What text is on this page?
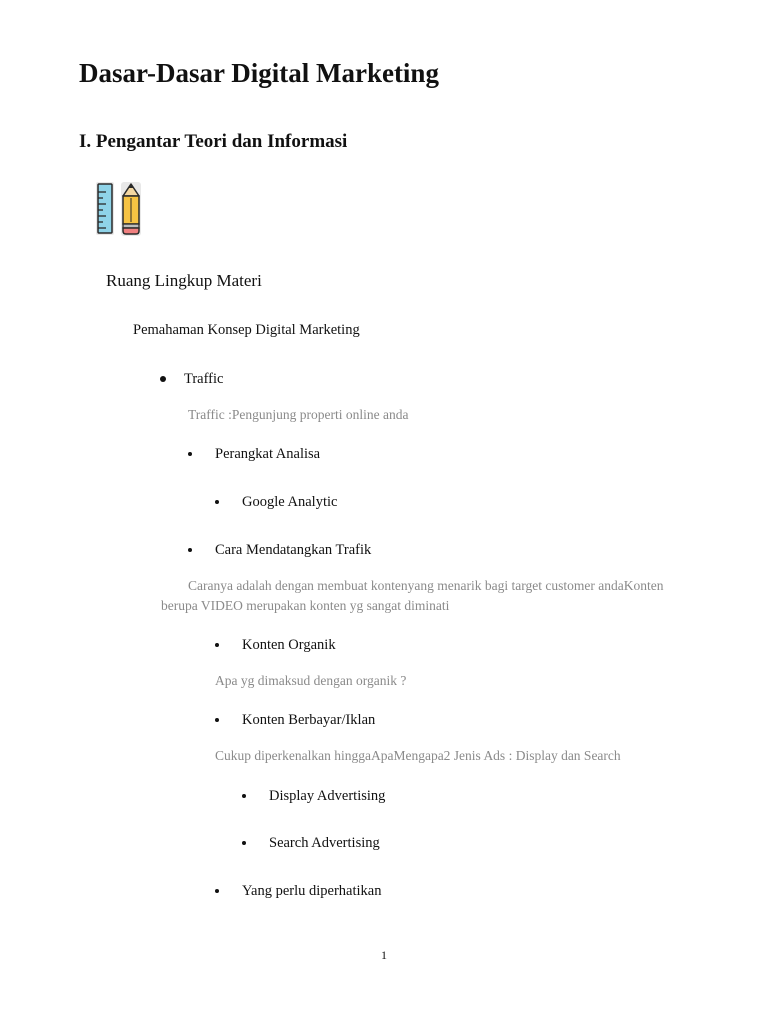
Dasar-Dasar Digital Marketing
I. Pengantar Teori dan Informasi
Ruang Lingkup Materi
Pemahaman Konsep Digital Marketing
Traffic
Traffic :Pengunjung properti online anda
Perangkat Analisa
Google Analytic
Cara Mendatangkan Trafik
Caranya adalah dengan membuat kontenyang menarik bagi target customer andaKonten berupa VIDEO merupakan konten yg sangat diminati
Konten Organik
Apa yg dimaksud dengan organik ?
Konten Berbayar/Iklan
Cukup diperkenalkan hinggaApaMengapa2 Jenis Ads : Display dan Search
Display Advertising
Search Advertising
Yang perlu diperhatikan
1
